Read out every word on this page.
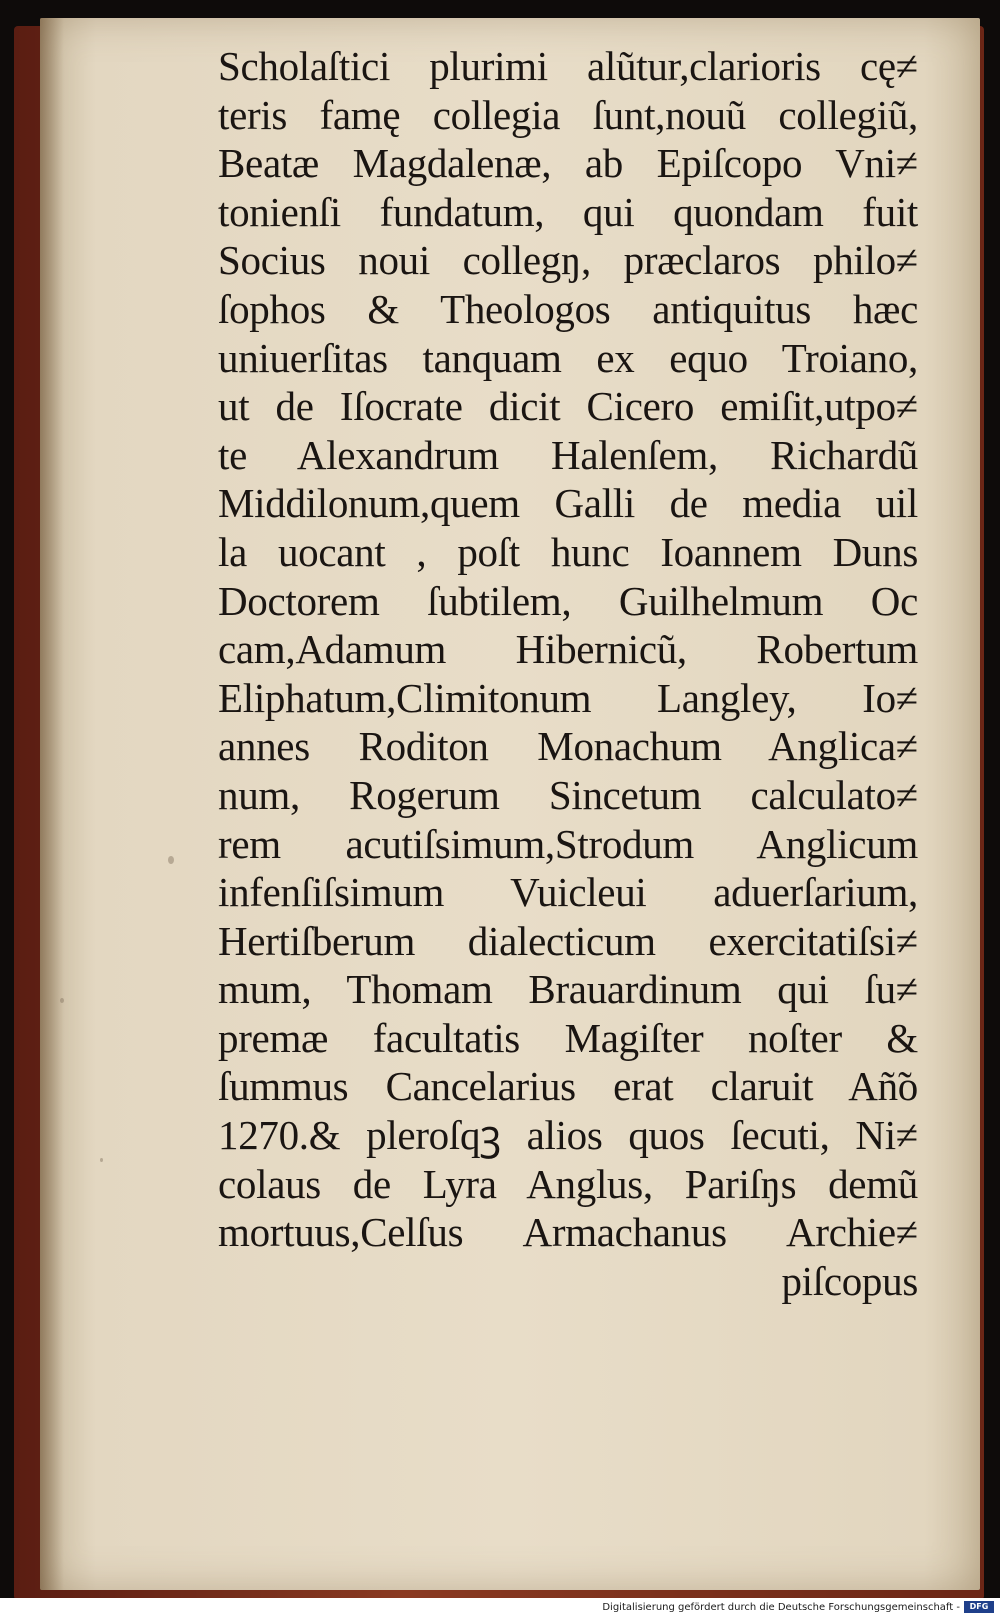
Scholaſtici plurimi alũtur,clarioris cę≠
teris famę collegia ſunt,nouũ collegiũ,
Beatæ Magdalenæ, ab Epiſcopo Vni≠
tonienſi fundatum, qui quondam fuit
Socius noui collegŋ, præclaros philo≠
ſophos & Theologos antiquitus hæc
uniuerſitas tanquam ex equo Troiano,
ut de Iſocrate dicit Cicero emiſit,utpo≠
te Alexandrum Halenſem, Richardũ
Middilonum,quem Galli de media uil
la uocant , poſt hunc Ioannem Duns
Doctorem ſubtilem, Guilhelmum Oc
cam,Adamum Hibernicũ, Robertum
Eliphatum,Climitonum Langley, Io≠
annes Roditon Monachum Anglica≠
num, Rogerum Sincetum calculato≠
rem acutiſsimum,Strodum Anglicum
infenſiſsimum Vuicleui aduerſarium,
Hertiſberum dialecticum exercitatiſsi≠
mum, Thomam Brauardinum qui ſu≠
premæ facultatis Magiſter noſter &
ſummus Cancelarius erat claruit Añ̃o
1270.& pleroſqꝫ alios quos ſecuti, Ni≠
colaus de Lyra Anglus, Pariſŋs demũ
mortuus,Celſus Armachanus Archie≠
piſcopus
Digitalisierung gefördert durch die Deutsche Forschungsgemeinschaft -	DFG
